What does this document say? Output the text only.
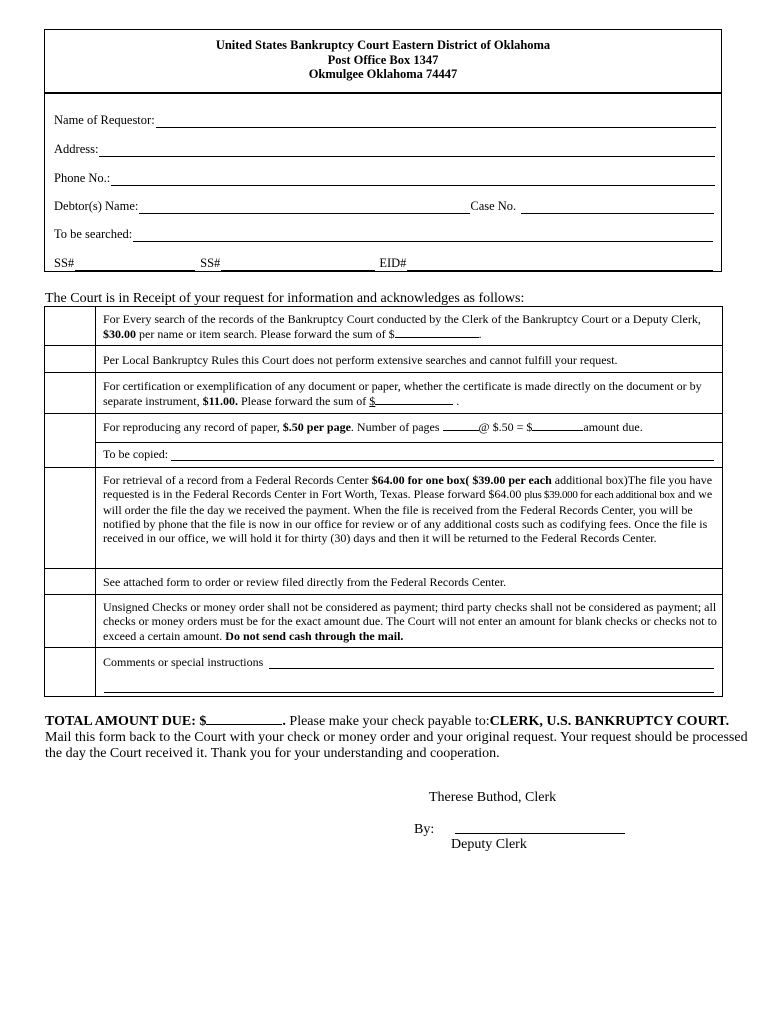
United States Bankruptcy Court Eastern District of Oklahoma
Post Office Box 1347
Okmulgee Oklahoma 74447
Name of Requestor:
Address:
Phone No.:
Debtor(s) Name:	Case No.
To be searched:
SS#	SS#	EID#
The Court is in Receipt of your request for information and acknowledges as follows:
For Every search of the records of the Bankruptcy Court conducted by the Clerk of the Bankruptcy Court or a Deputy Clerk, $30.00 per name or item search. Please forward the sum of $	.
Per Local Bankruptcy Rules this Court does not perform extensive searches and cannot fulfill your request.
For certification or exemplification of any document or paper, whether the certificate is made directly on the document or by separate instrument, $11.00. Please forward the sum of $	.
For reproducing any record of paper, $.50 per page. Number of pages	@ $.50 = $	amount due.
To be copied:
For retrieval of a record from a Federal Records Center $64.00 for one box( $39.00 per each additional box)The file you have requested is in the Federal Records Center in Fort Worth, Texas. Please forward $64.00 plus $39.000 for each additional box and we will order the file the day we received the payment. When the file is received from the Federal Records Center, you will be notified by phone that the file is now in our office for review or of any additional costs such as codifying fees. Once the file is received in our office, we will hold it for thirty (30) days and then it will be returned to the Federal Records Center.
See attached form to order or review filed directly from the Federal Records Center.
Unsigned Checks or money order shall not be considered as payment; third party checks shall not be considered as payment; all checks or money orders must be for the exact amount due. The Court will not enter an amount for blank checks or checks not to exceed a certain amount. Do not send cash through the mail.
Comments or special instructions
TOTAL AMOUNT DUE: $	. Please make your check payable to:CLERK, U.S. BANKRUPTCY COURT. Mail this form back to the Court with your check or money order and your original request. Your request should be processed the day the Court received it. Thank you for your understanding and cooperation.
Therese Buthod, Clerk
By:
Deputy Clerk
